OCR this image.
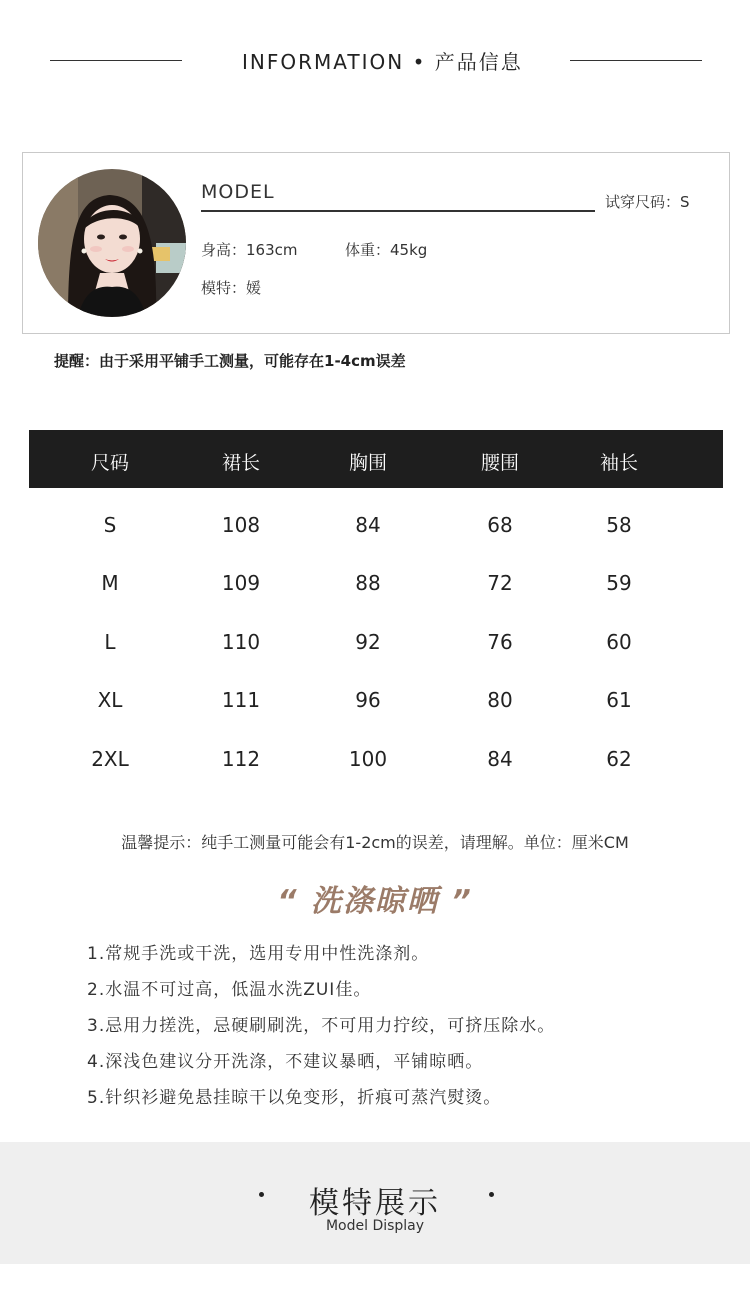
INFORMATION • 产品信息
MODEL	试穿尺码：S
身高：163cm	体重：45kg
模特：媛
提醒：由于采用平铺手工测量，可能存在1-4cm误差
尺码	裙长	胸围	腰围	袖长
S	108	84	68	58
M	109	88	72	59
L	110	92	76	60
XL	111	96	80	61
2XL	112	100	84	62
温馨提示：纯手工测量可能会有1-2cm的误差，请理解。单位：厘米CM
“ 洗涤晾晒 ”
1.常规手洗或干洗，选用专用中性洗涤剂。
2.水温不可过高，低温水洗ZUI佳。
3.忌用力搓洗，忌硬刷刷洗，不可用力拧绞，可挤压除水。
4.深浅色建议分开洗涤，不建议暴晒，平铺晾晒。
5.针织衫避免悬挂晾干以免变形，折痕可蒸汽熨烫。
模特展示
Model Display
